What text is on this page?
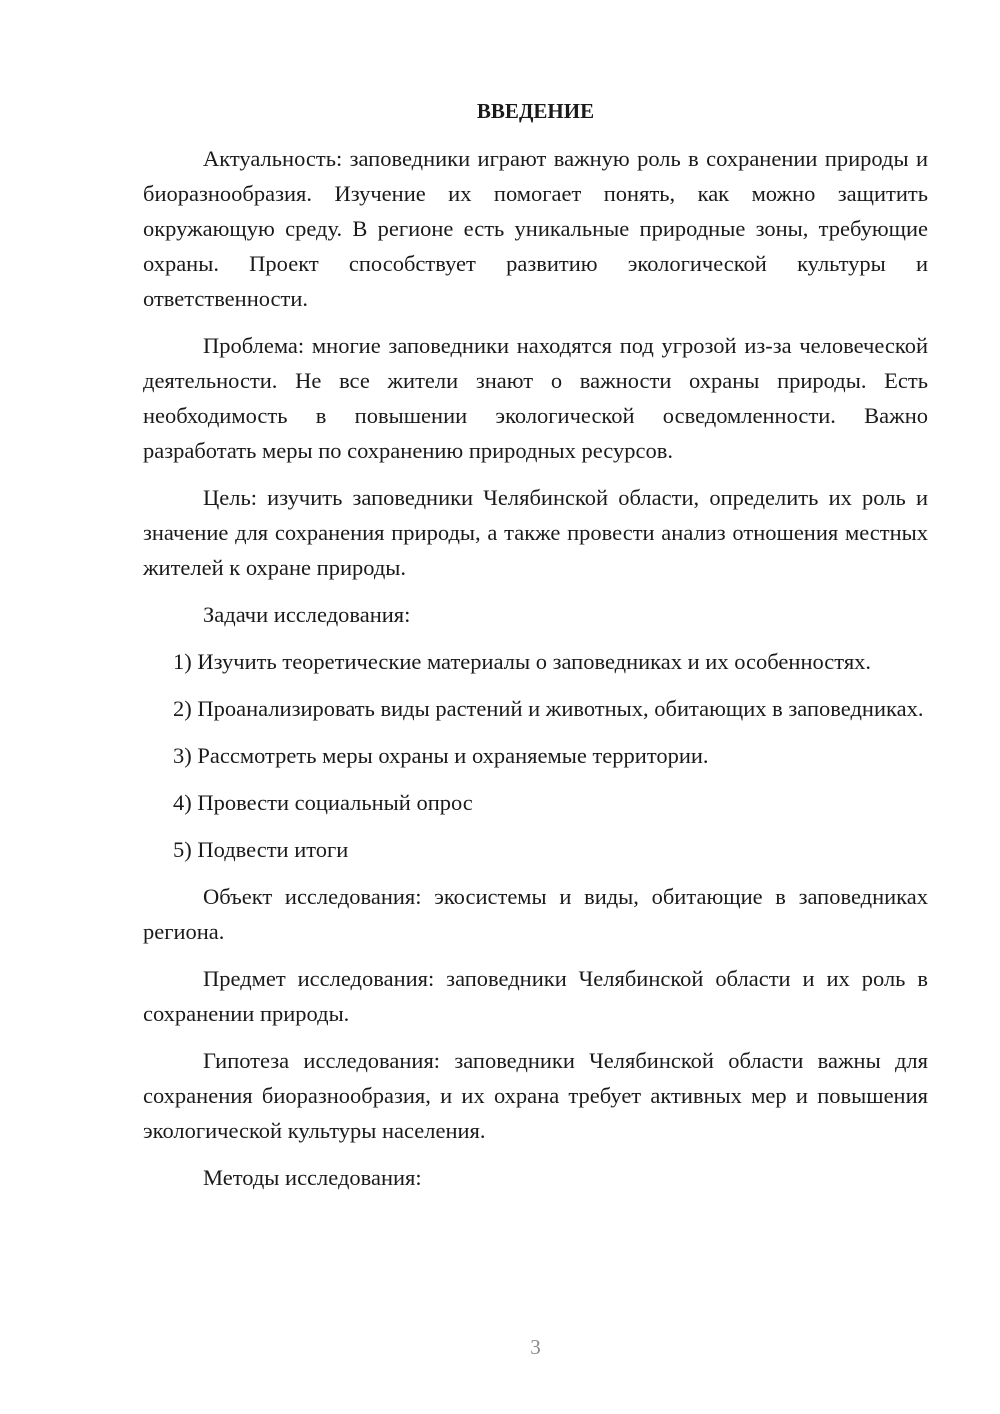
ВВЕДЕНИЕ

Актуальность: заповедники играют важную роль в сохранении природы и биоразнообразия. Изучение их помогает понять, как можно защитить окружающую среду. В регионе есть уникальные природные зоны, требующие охраны. Проект способствует развитию экологической культуры и ответственности.

Проблема: многие заповедники находятся под угрозой из-за человеческой деятельности. Не все жители знают о важности охраны природы. Есть необходимость в повышении экологической осведомленности. Важно разработать меры по сохранению природных ресурсов.

Цель: изучить заповедники Челябинской области, определить их роль и значение для сохранения природы, а также провести анализ отношения местных жителей к охране природы.

Задачи исследования:

1) Изучить теоретические материалы о заповедниках и их особенностях.

2) Проанализировать виды растений и животных, обитающих в заповедниках.

3) Рассмотреть меры охраны и охраняемые территории.

4) Провести социальный опрос

5) Подвести итоги

Объект исследования: экосистемы и виды, обитающие в заповедниках региона.

Предмет исследования: заповедники Челябинской области и их роль в сохранении природы.

Гипотеза исследования: заповедники Челябинской области важны для сохранения биоразнообразия, и их охрана требует активных мер и повышения экологической культуры населения.

Методы исследования:

3
